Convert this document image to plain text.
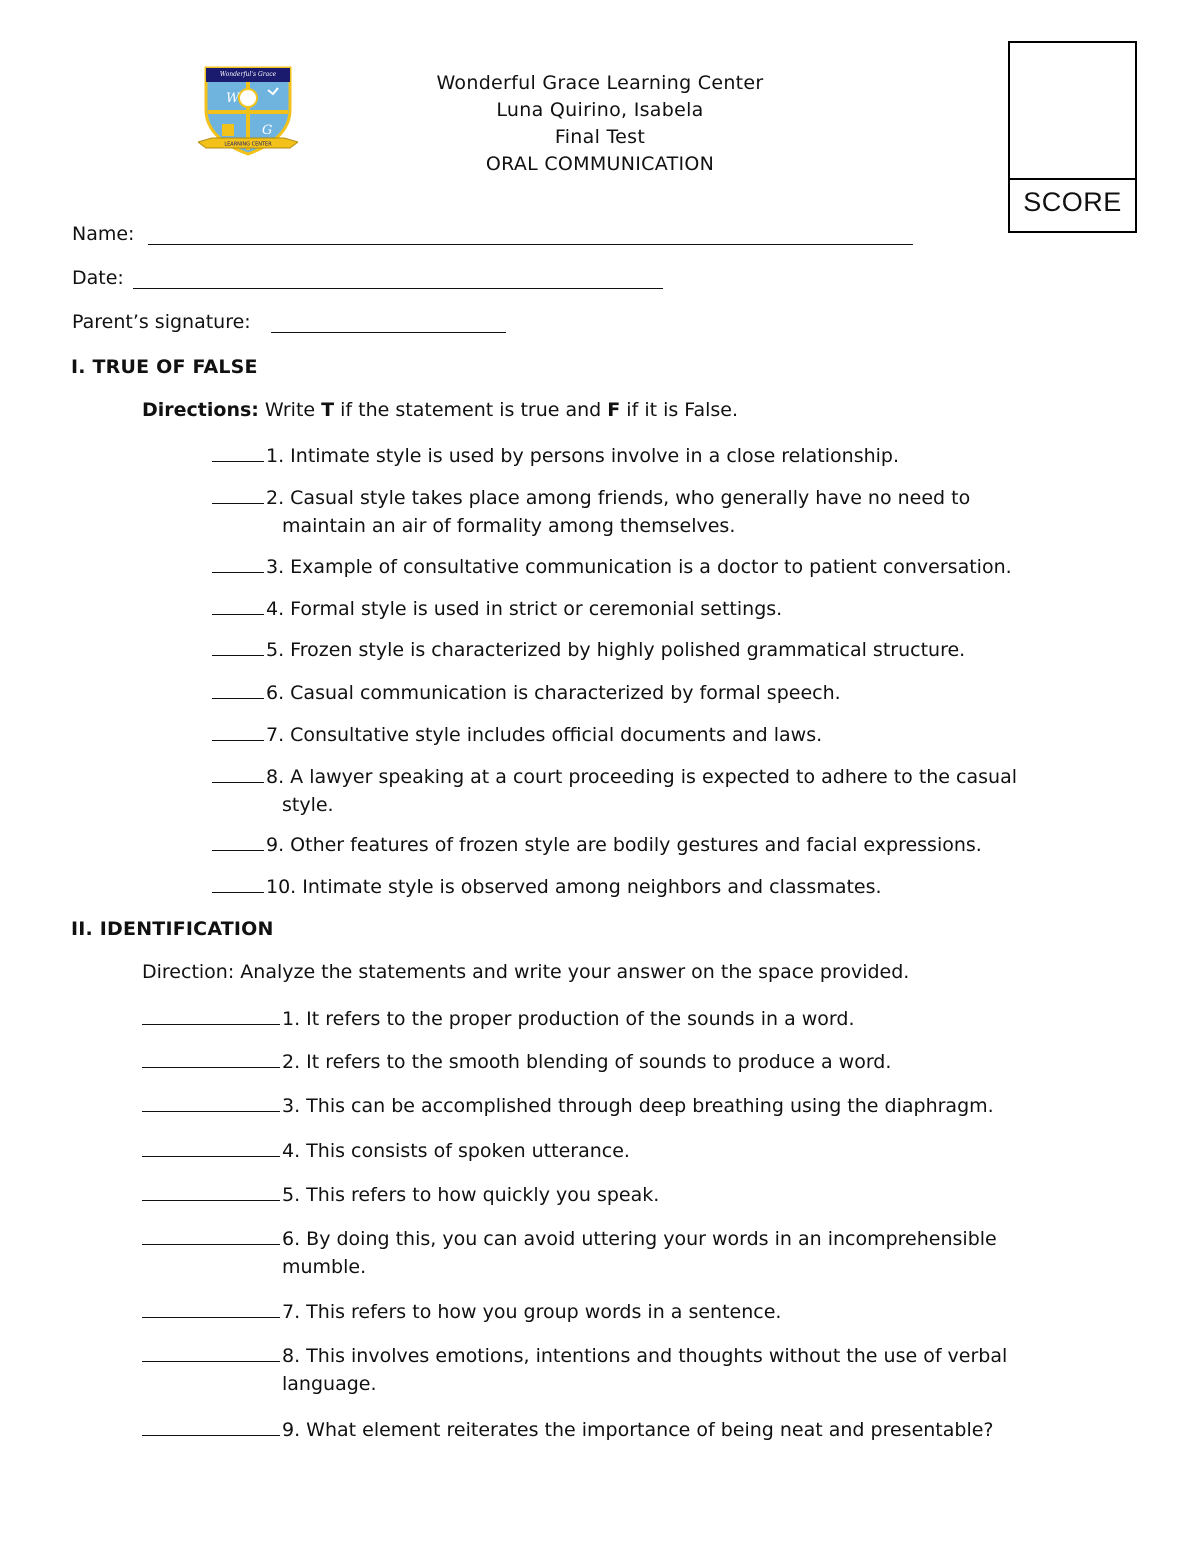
W
G
Wonderful's Grace
LEARNING CENTER
Wonderful Grace Learning Center
Luna Quirino, Isabela
Final Test
ORAL COMMUNICATION
SCORE
Name:
Date:
Parent’s signature:
I. TRUE OF FALSE
Directions: Write T if the statement is true and F if it is False.
1. Intimate style is used by persons involve in a close relationship.
2. Casual style takes place among friends, who generally have no need to
maintain an air of formality among themselves.
3. Example of consultative communication is a doctor to patient conversation.
4. Formal style is used in strict or ceremonial settings.
5. Frozen style is characterized by highly polished grammatical structure.
6. Casual communication is characterized by formal speech.
7. Consultative style includes official documents and laws.
8. A lawyer speaking at a court proceeding is expected to adhere to the casual
style.
9. Other features of frozen style are bodily gestures and facial expressions.
10. Intimate style is observed among neighbors and classmates.
II. IDENTIFICATION
Direction: Analyze the statements and write your answer on the space provided.
1. It refers to the proper production of the sounds in a word.
2. It refers to the smooth blending of sounds to produce a word.
3. This can be accomplished through deep breathing using the diaphragm.
4. This consists of spoken utterance.
5. This refers to how quickly you speak.
6. By doing this, you can avoid uttering your words in an incomprehensible
mumble.
7. This refers to how you group words in a sentence.
8. This involves emotions, intentions and thoughts without the use of verbal
language.
9. What element reiterates the importance of being neat and presentable?
